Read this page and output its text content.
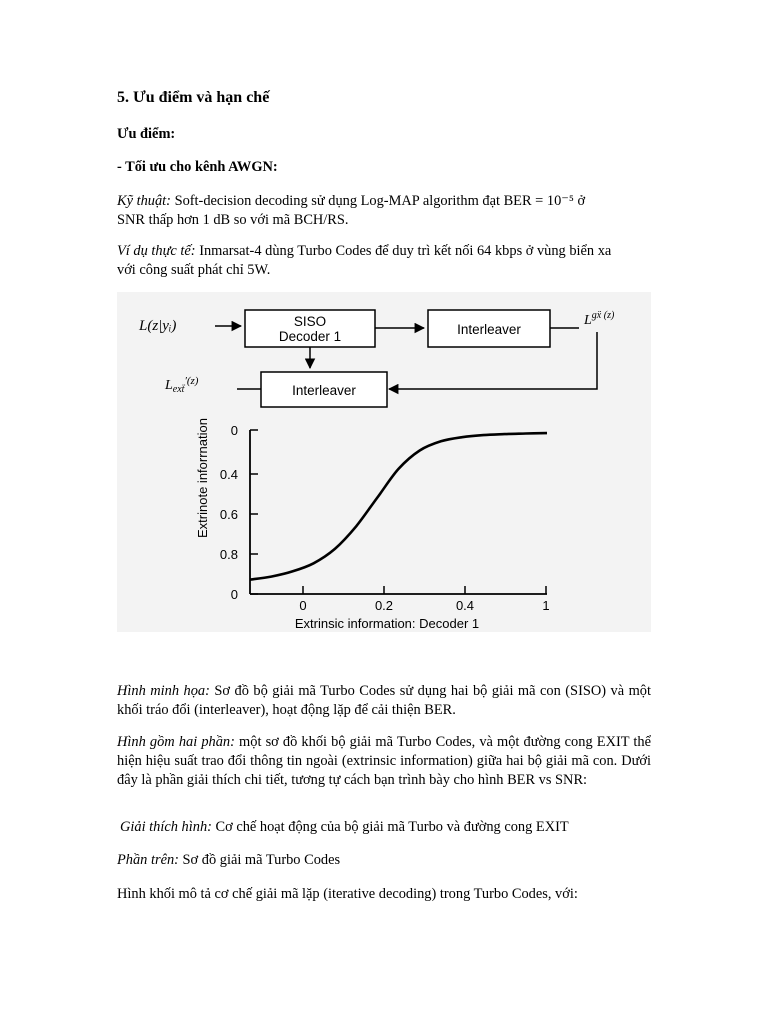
5. Ưu điểm và hạn chế
Ưu điểm:
- Tối ưu cho kênh AWGN:
Kỹ thuật: Soft-decision decoding sử dụng Log-MAP algorithm đạt BER = 10⁻⁵ ở
SNR thấp hơn 1 dB so với mã BCH/RS.
Ví dụ thực tế: Inmarsat-4 dùng Turbo Codes để duy trì kết nối 64 kbps ở vùng biển xa
với công suất phát chỉ 5W.
L(z|yᵢ)	SISO
Decoder 1	Interleaver
$L^{gẍ (z)}$
Interleaver
$L_{exẗ}^{'(z)}$
Extrinote inforrnation
Extrinsic information: Decoder 1
0
0.8
0.6
0.4
0
0	0.2	0.4	1
Hình minh họa: Sơ đồ bộ giải mã Turbo Codes sử dụng hai bộ giải mã con (SISO) và một khối tráo đổi (interleaver), hoạt động lặp để cải thiện BER.
Hình gồm hai phần: một sơ đồ khối bộ giải mã Turbo Codes, và một đường cong EXIT thể hiện hiệu suất trao đổi thông tin ngoài (extrinsic information) giữa hai bộ giải mã con. Dưới đây là phần giải thích chi tiết, tương tự cách bạn trình bày cho hình BER vs SNR:
Giải thích hình: Cơ chế hoạt động của bộ giải mã Turbo và đường cong EXIT
Phần trên: Sơ đồ giải mã Turbo Codes
Hình khối mô tả cơ chế giải mã lặp (iterative decoding) trong Turbo Codes, với:
